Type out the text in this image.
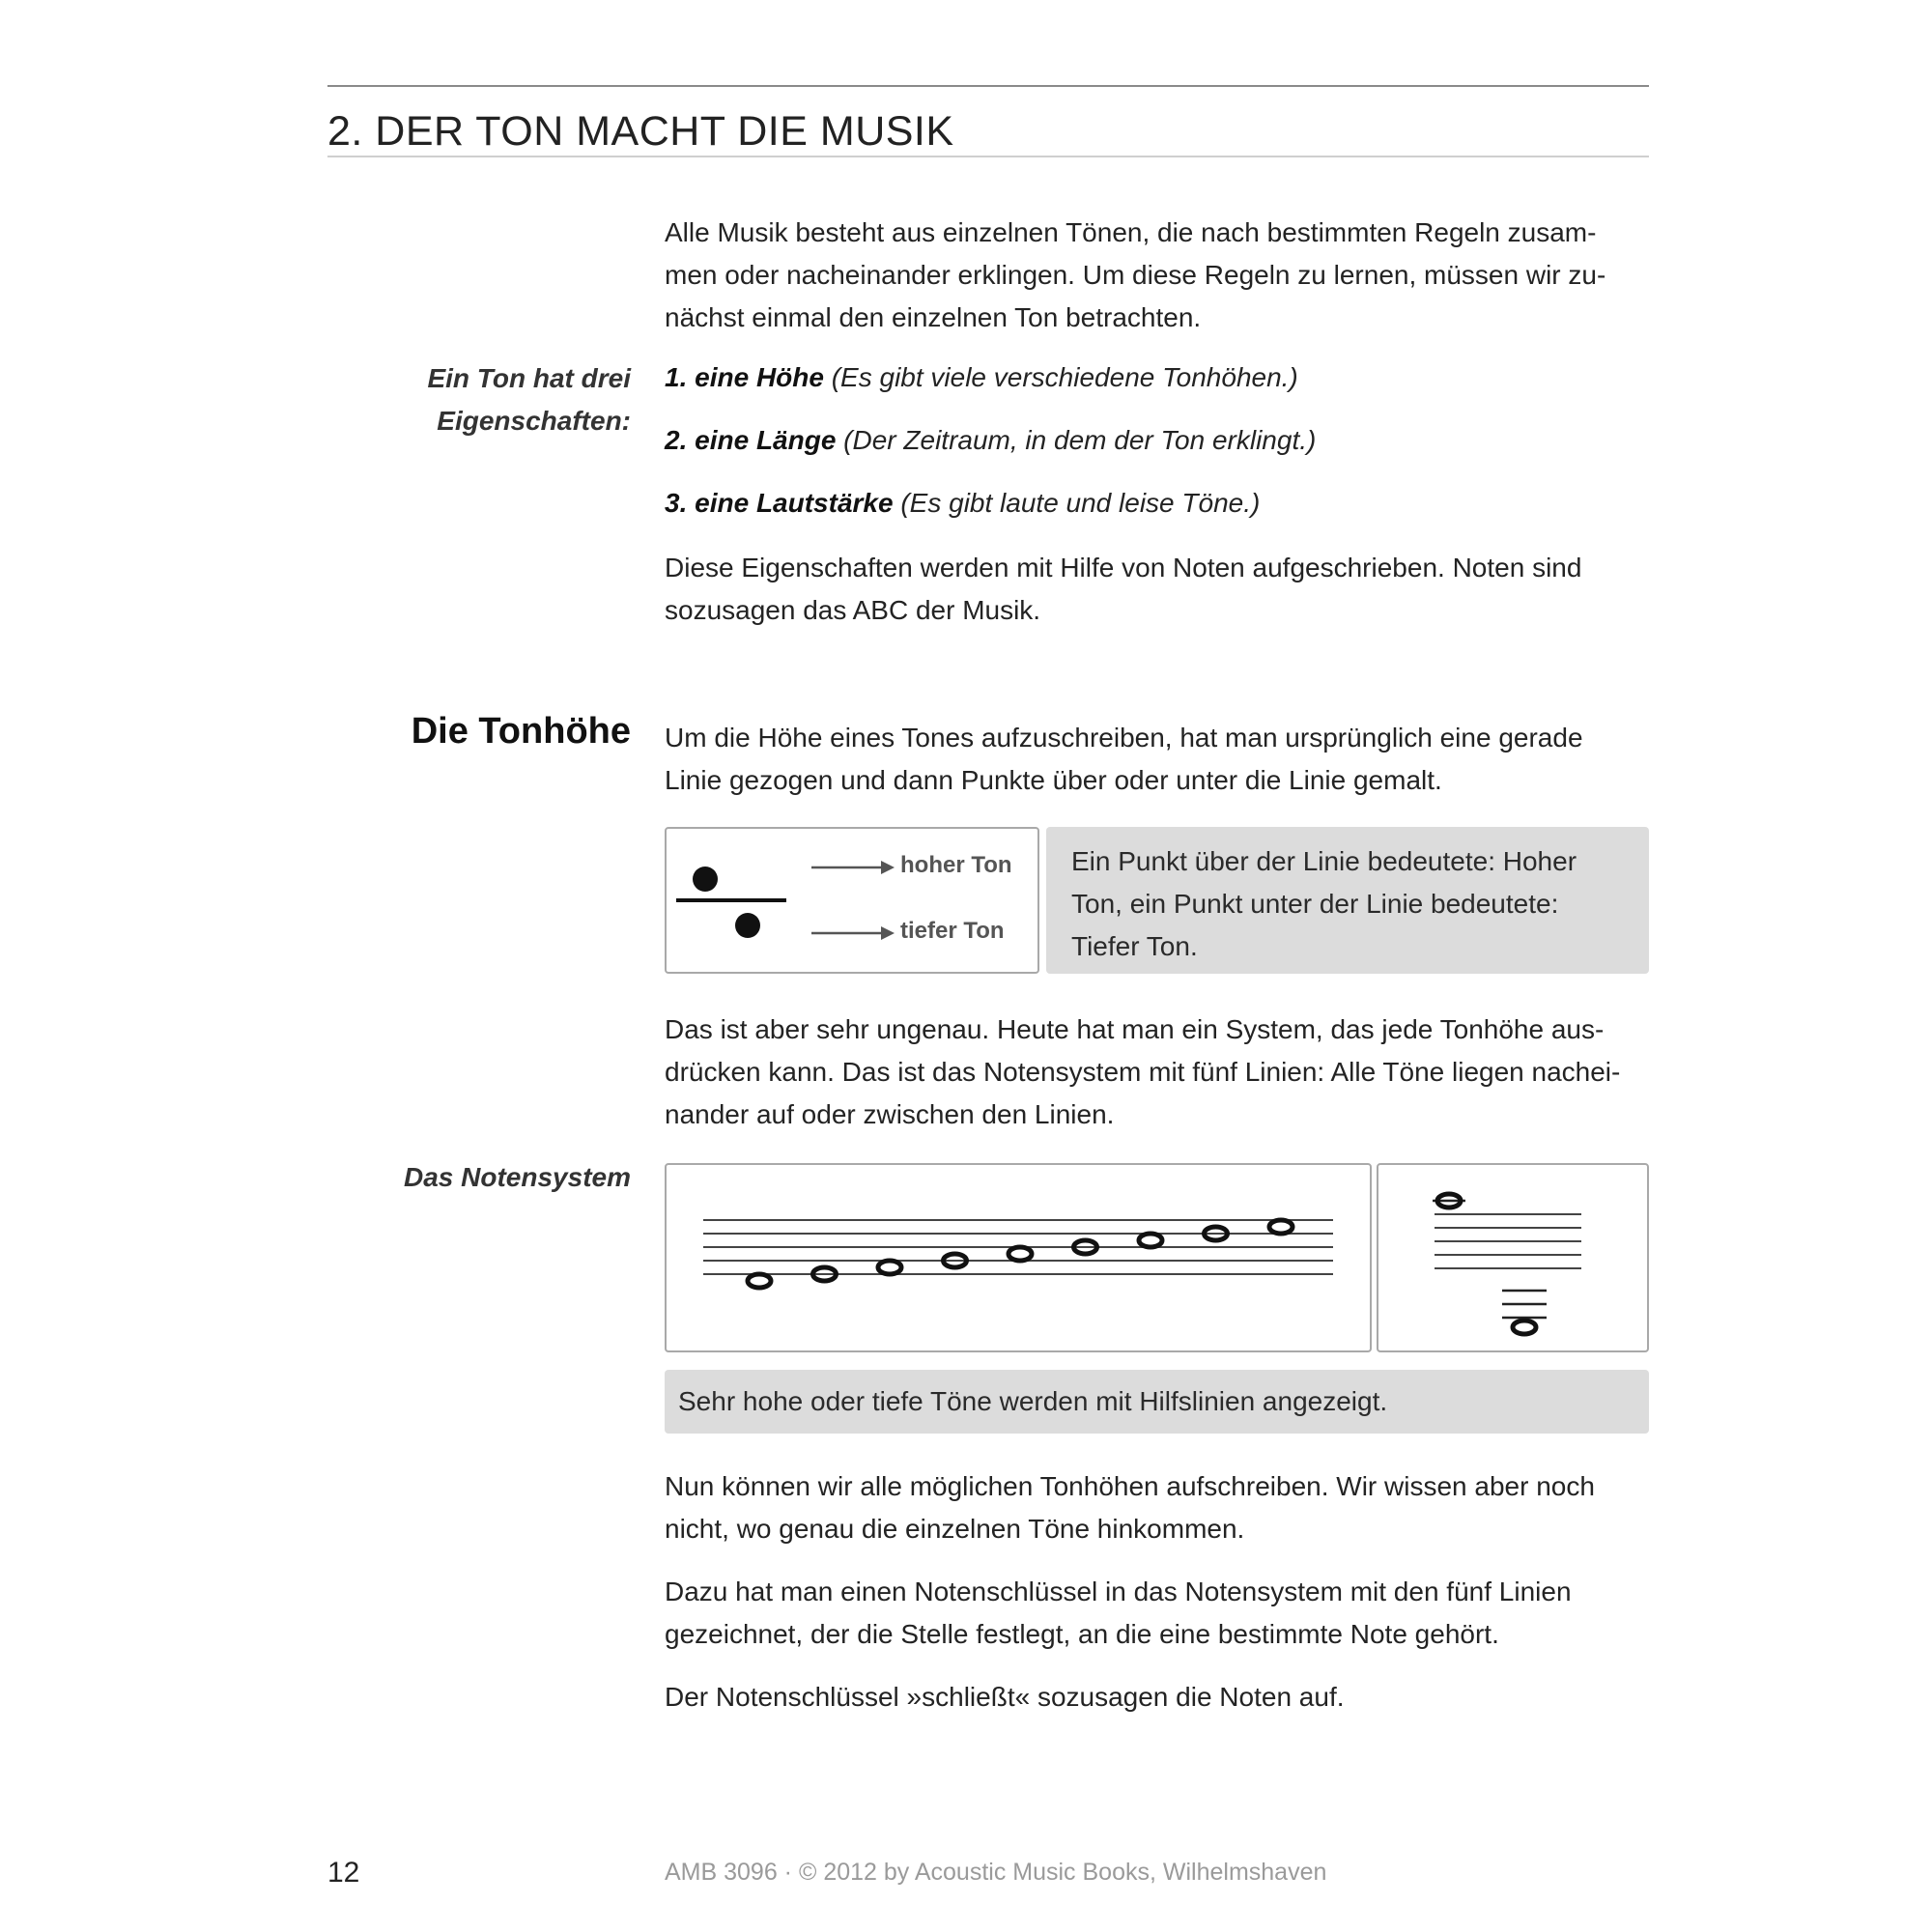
2. DER TON MACHT DIE MUSIK
Alle Musik besteht aus einzelnen Tönen, die nach bestimmten Regeln zusam-
men oder nacheinander erklingen. Um diese Regeln zu lernen, müssen wir zu-
nächst einmal den einzelnen Ton betrachten.
Ein Ton hat drei
Eigenschaften:
1. eine Höhe (Es gibt viele verschiedene Tonhöhen.)
2. eine Länge (Der Zeitraum, in dem der Ton erklingt.)
3. eine Lautstärke (Es gibt laute und leise Töne.)
Diese Eigenschaften werden mit Hilfe von Noten aufgeschrieben. Noten sind
sozusagen das ABC der Musik.
Die Tonhöhe Um die Höhe eines Tones aufzuschreiben, hat man ursprünglich eine gerade
Linie gezogen und dann Punkte über oder unter die Linie gemalt.
hoher Ton
tiefer Ton
Ein Punkt über der Linie bedeutete: Hoher
Ton, ein Punkt unter der Linie bedeutete:
Tiefer Ton.
Das ist aber sehr ungenau. Heute hat man ein System, das jede Tonhöhe aus-
drücken kann. Das ist das Notensystem mit fünf Linien: Alle Töne liegen nachei-
nander auf oder zwischen den Linien.
Das Notensystem
Sehr hohe oder tiefe Töne werden mit Hilfslinien angezeigt.
Nun können wir alle möglichen Tonhöhen aufschreiben. Wir wissen aber noch
nicht, wo genau die einzelnen Töne hinkommen.
Dazu hat man einen Notenschlüssel in das Notensystem mit den fünf Linien
gezeichnet, der die Stelle festlegt, an die eine bestimmte Note gehört.
Der Notenschlüssel »schließt« sozusagen die Noten auf.
12	AMB 3096 · © 2012 by Acoustic Music Books, Wilhelmshaven
